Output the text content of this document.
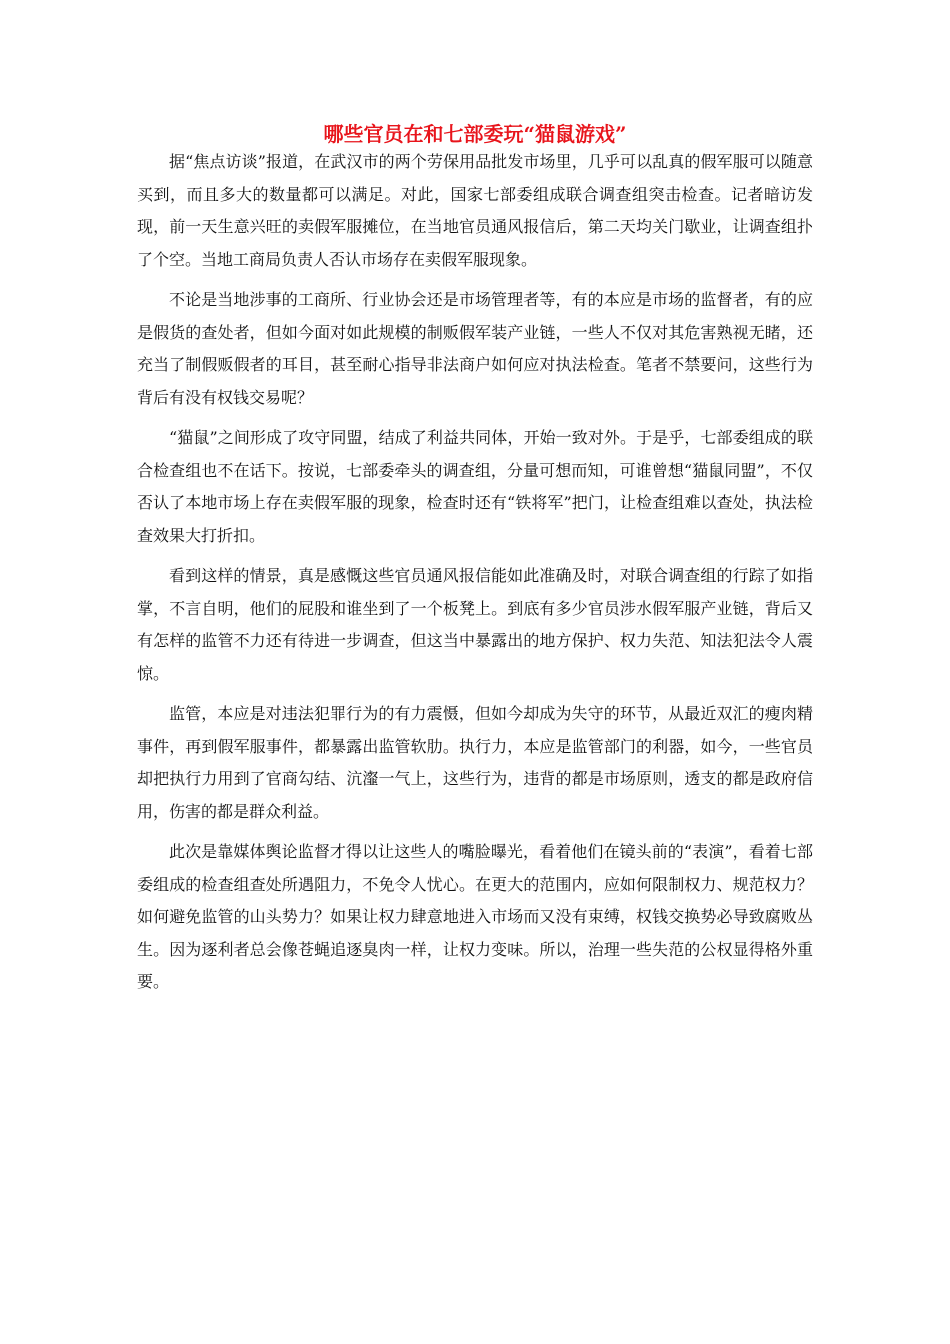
哪些官员在和七部委玩“猫鼠游戏”

据“焦点访谈”报道，在武汉市的两个劳保用品批发市场里，几乎可以乱真的假军服可以随意买到，而且多大的数量都可以满足。对此，国家七部委组成联合调查组突击检查。记者暗访发现，前一天生意兴旺的卖假军服摊位，在当地官员通风报信后，第二天均关门歇业，让调查组扑了个空。当地工商局负责人否认市场存在卖假军服现象。

不论是当地涉事的工商所、行业协会还是市场管理者等，有的本应是市场的监督者，有的应是假货的查处者，但如今面对如此规模的制贩假军装产业链，一些人不仅对其危害熟视无睹，还充当了制假贩假者的耳目，甚至耐心指导非法商户如何应对执法检查。笔者不禁要问，这些行为背后有没有权钱交易呢？

“猫鼠”之间形成了攻守同盟，结成了利益共同体，开始一致对外。于是乎，七部委组成的联合检查组也不在话下。按说，七部委牵头的调查组，分量可想而知，可谁曾想“猫鼠同盟”，不仅否认了本地市场上存在卖假军服的现象，检查时还有“铁将军”把门，让检查组难以查处，执法检查效果大打折扣。

看到这样的情景，真是感慨这些官员通风报信能如此准确及时，对联合调查组的行踪了如指掌，不言自明，他们的屁股和谁坐到了一个板凳上。到底有多少官员涉水假军服产业链，背后又有怎样的监管不力还有待进一步调查，但这当中暴露出的地方保护、权力失范、知法犯法令人震惊。

监管，本应是对违法犯罪行为的有力震慑，但如今却成为失守的环节，从最近双汇的瘦肉精事件，再到假军服事件，都暴露出监管软肋。执行力，本应是监管部门的利器，如今，一些官员却把执行力用到了官商勾结、沆瀣一气上，这些行为，违背的都是市场原则，透支的都是政府信用，伤害的都是群众利益。

此次是靠媒体舆论监督才得以让这些人的嘴脸曝光，看着他们在镜头前的“表演”，看着七部委组成的检查组查处所遇阻力，不免令人忧心。在更大的范围内，应如何限制权力、规范权力？如何避免监管的山头势力？如果让权力肆意地进入市场而又没有束缚，权钱交换势必导致腐败丛生。因为逐利者总会像苍蝇追逐臭肉一样，让权力变味。所以，治理一些失范的公权显得格外重要。
